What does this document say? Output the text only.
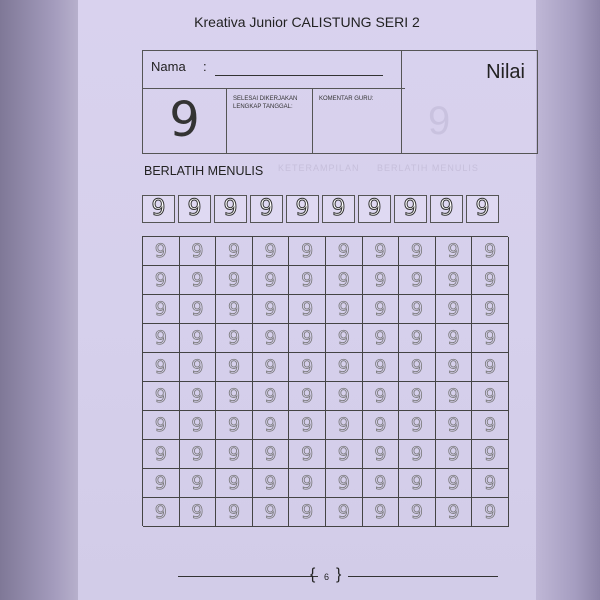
Kreativa Junior CALISTUNG SERI 2
Nama :
9	SELESAI DIKERJAKAN LENGKAP TANGGAL:
KOMENTAR GURU:
Nilai
9
BERLATIH MENULIS KETERAMPILAN     BERLATIH MENULIS
9 9 9 9 9 9 9 9 9 9
9 9 9 9 9 9 9 9 9 9
9 9 9 9 9 9 9 9 9 9
9 9 9 9 9 9 9 9 9 9
9 9 9 9 9 9 9 9 9 9
9 9 9 9 9 9 9 9 9 9
9 9 9 9 9 9 9 9 9 9
9 9 9 9 9 9 9 9 9 9
9 9 9 9 9 9 9 9 9 9
9 9 9 9 9 9 9 9 9 9
9 9 9 9 9 9 9 9 9 9
{ 6 }
